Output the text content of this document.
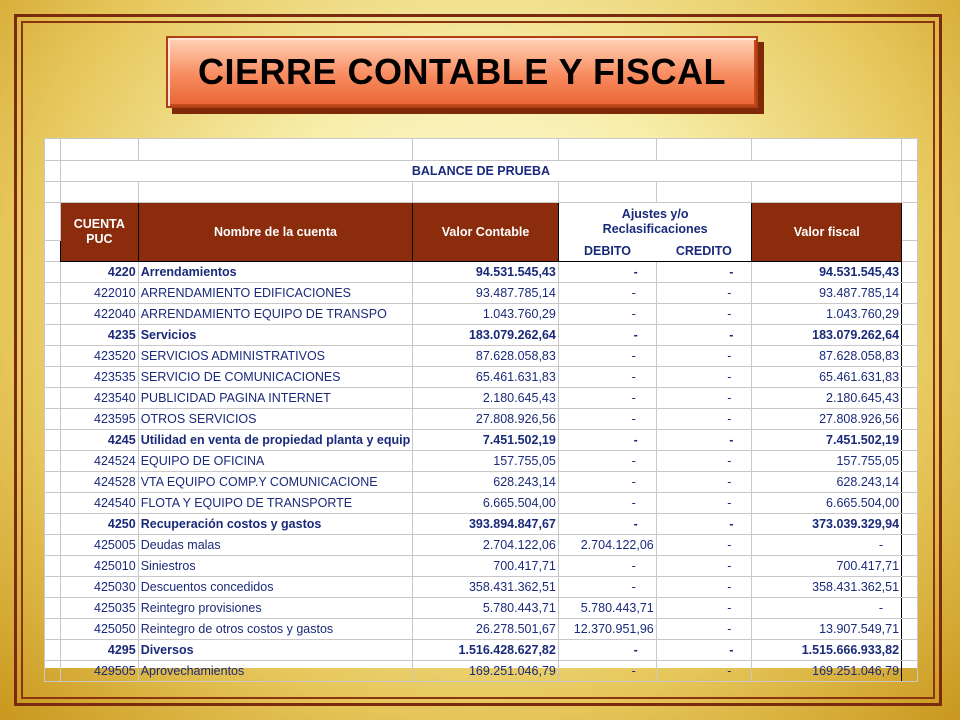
CIERRE CONTABLE Y FISCAL

	BALANCE DE PRUEBA						

	CUENTA
PUC	Nombre de la cuenta	Valor Contable	Ajustes y/o
Reclasificaciones		Valor fiscal	
				DEBITO	CREDITO		
	4220	Arrendamientos	94.531.545,43	-	-	94.531.545,43	
	422010	ARRENDAMIENTO EDIFICACIONES	93.487.785,14	-	-	93.487.785,14	
	422040	ARRENDAMIENTO EQUIPO DE TRANSPO	1.043.760,29	-	-	1.043.760,29	
	4235	Servicios	183.079.262,64	-	-	183.079.262,64	
	423520	SERVICIOS ADMINISTRATIVOS	87.628.058,83	-	-	87.628.058,83	
	423535	SERVICIO DE COMUNICACIONES	65.461.631,83	-	-	65.461.631,83	
	423540	PUBLICIDAD PAGINA INTERNET	2.180.645,43	-	-	2.180.645,43	
	423595	OTROS SERVICIOS	27.808.926,56	-	-	27.808.926,56	
	4245	Utilidad en venta de propiedad planta y equip	7.451.502,19	-	-	7.451.502,19	
	424524	EQUIPO DE OFICINA	157.755,05	-	-	157.755,05	
	424528	VTA EQUIPO COMP.Y COMUNICACIONE	628.243,14	-	-	628.243,14	
	424540	FLOTA Y EQUIPO DE TRANSPORTE	6.665.504,00	-	-	6.665.504,00	
	4250	Recuperación costos y gastos	393.894.847,67	-	-	373.039.329,94	
	425005	Deudas malas	2.704.122,06	2.704.122,06	-	-	
	425010	Siniestros	700.417,71	-	-	700.417,71	
	425030	Descuentos concedidos	358.431.362,51	-	-	358.431.362,51	
	425035	Reintegro provisiones	5.780.443,71	5.780.443,71	-	-	
	425050	Reintegro de otros costos y gastos	26.278.501,67	12.370.951,96	-	13.907.549,71	
	4295	Diversos	1.516.428.627,82	-	-	1.515.666.933,82	
	429505	Aprovechamientos	169.251.046,79	-	-	169.251.046,79	
